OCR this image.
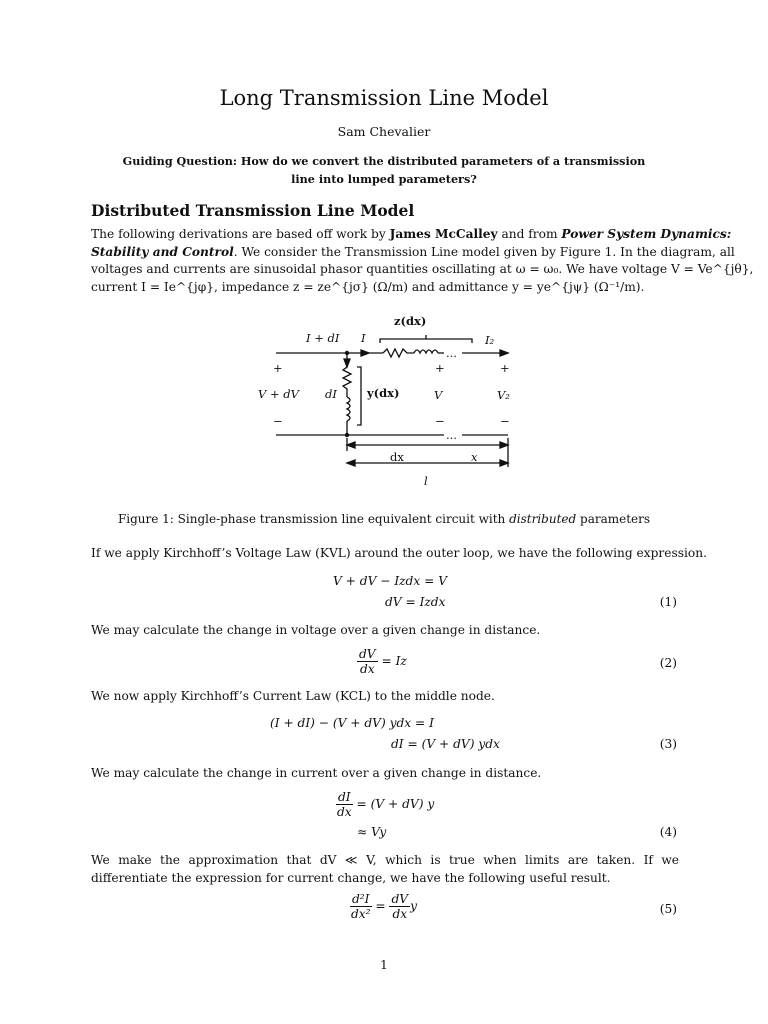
Long Transmission Line Model
Sam Chevalier
Guiding Question: How do we convert the distributed parameters of a transmission line into lumped parameters?
Distributed Transmission Line Model
The following derivations are based off work by James McCalley and from Power System Dynamics:
Stability and Control. We consider the Transmission Line model given by Figure 1. In the diagram, all
voltages and currents are sinusoidal phasor quantities oscillating at ω = ω₀. We have voltage V = Ve^{jθ},
current I = Ie^{jφ}, impedance z = ze^{jσ} (Ω/m) and admittance y = ye^{jψ} (Ω⁻¹/m).
z(dx)
I + dI I
...
I₂
+	+	+
V + dV dI	y(dx)	V	V₂
−	−	−
...
dx	x
l
Figure 1: Single-phase transmission line equivalent circuit with distributed parameters
If we apply Kirchhoff’s Voltage Law (KVL) around the outer loop, we have the following expression.
V + dV − Izdx = V
dV = Izdx	(1)
We may calculate the change in voltage over a given change in distance.
$\frac{dV}{dx} = Iz$	(2)
We now apply Kirchhoff’s Current Law (KCL) to the middle node.
(I + dI) − (V + dV) ydx = I
dI = (V + dV) ydx	(3)
We may calculate the change in current over a given change in distance.
$\frac{dI}{dx} = (V + dV)$ y
≈ Vy	(4)
We make the approximation that dV ≪ V, which is true when limits are taken. If we differentiate the expression for current change, we have the following useful result.
$\frac{\text{d²I}}{\text{dx²}} = \frac{dV}{dx}$ y	(5)
1
